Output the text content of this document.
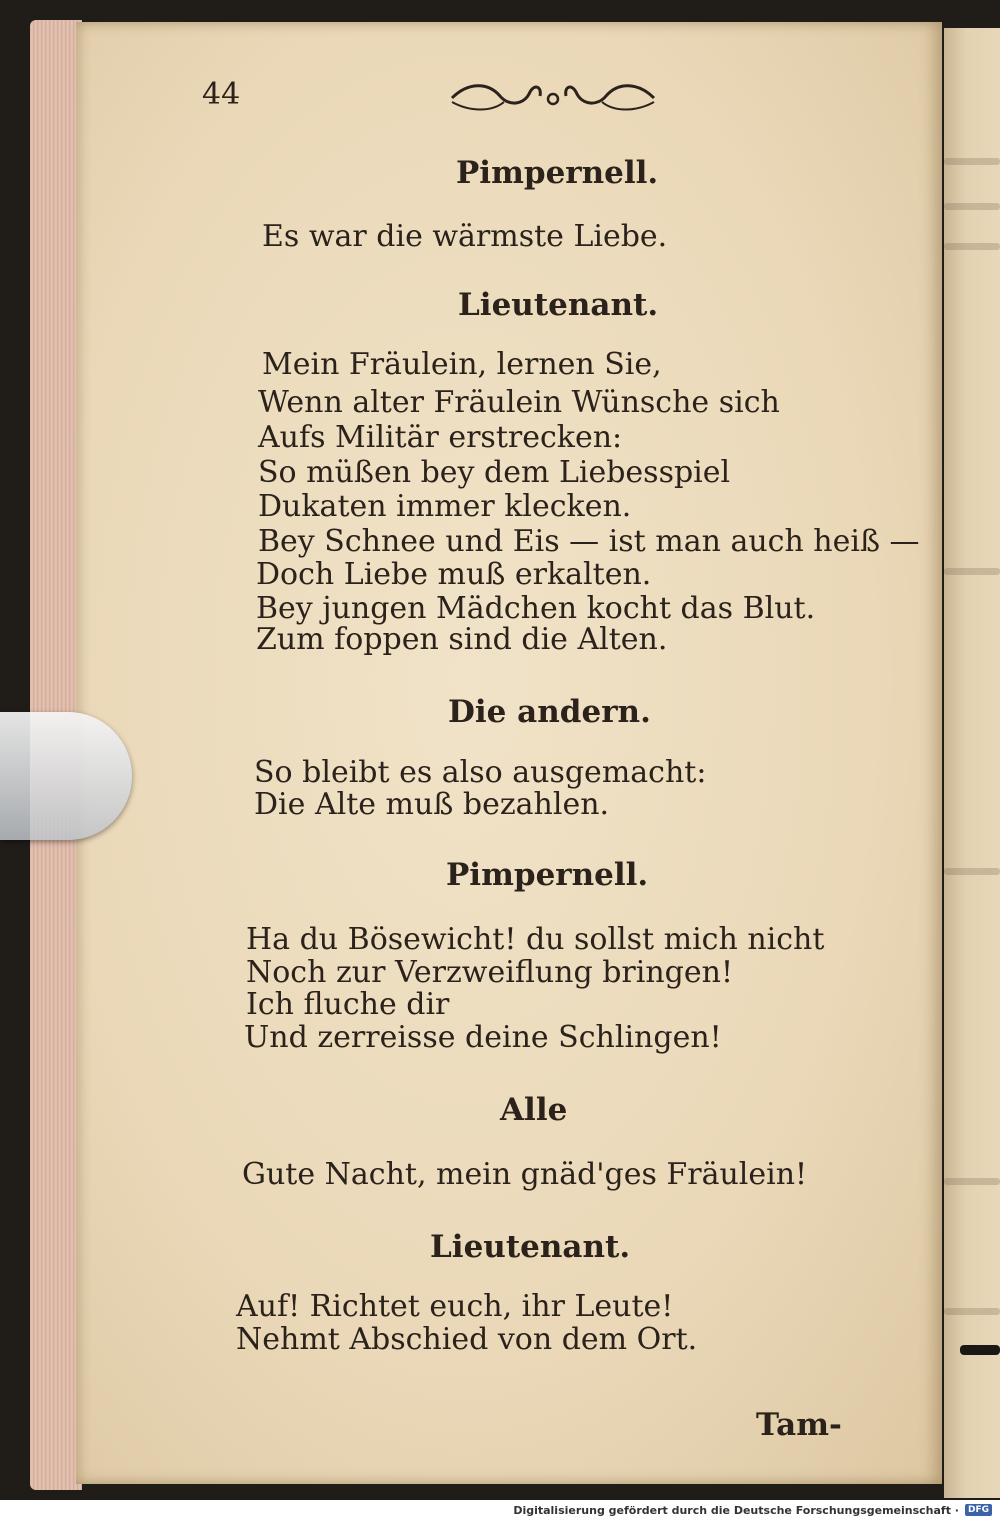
44
Pimpernell.
Es war die wärmste Liebe.
Lieutenant.
Mein Fräulein, lernen Sie,
Wenn alter Fräulein Wünsche sich
Aufs Militär erstrecken:
So müßen bey dem Liebesspiel
Dukaten immer klecken.
Bey Schnee und Eis — ist man auch heiß —
Doch Liebe muß erkalten.
Bey jungen Mädchen kocht das Blut.
Zum foppen sind die Alten.
Die andern.
So bleibt es also ausgemacht:
Die Alte muß bezahlen.
Pimpernell.
Ha du Bösewicht! du sollst mich nicht
Noch zur Verzweiflung bringen!
Ich fluche dir
Und zerreisse deine Schlingen!
Alle
Gute Nacht, mein gnäd'ges Fräulein!
Lieutenant.
Auf! Richtet euch, ihr Leute!
Nehmt Abschied von dem Ort.
Tam-
Digitalisierung gefördert durch die Deutsche Forschungsgemeinschaft ·	DFG
